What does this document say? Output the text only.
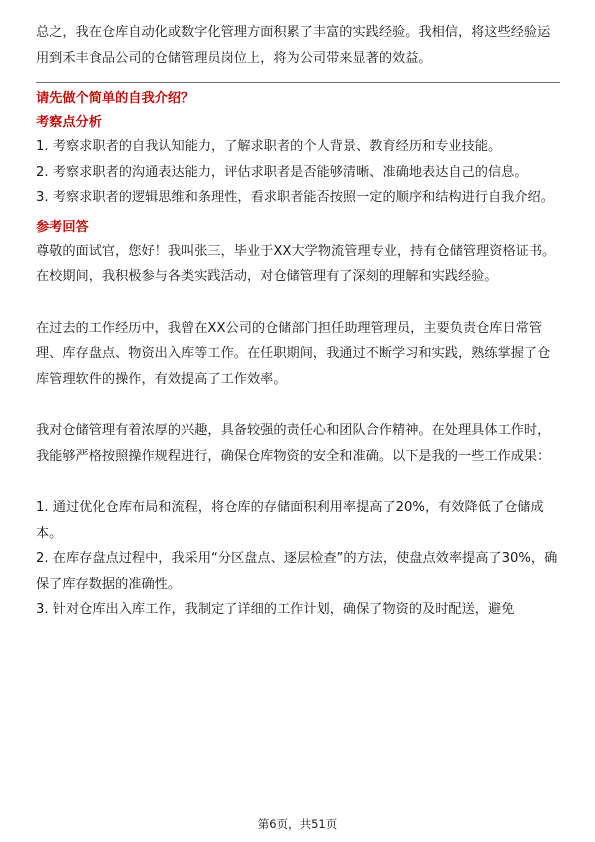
总之，我在仓库自动化或数字化管理方面积累了丰富的实践经验。我相信，将这些经验运用到禾丰食品公司的仓储管理员岗位上，将为公司带来显著的效益。

请先做个简单的自我介绍？
考察点分析

1. 考察求职者的自我认知能力，了解求职者的个人背景、教育经历和专业技能。

2. 考察求职者的沟通表达能力，评估求职者是否能够清晰、准确地表达自己的信息。

3. 考察求职者的逻辑思维和条理性，看求职者能否按照一定的顺序和结构进行自我介绍。

参考回答

尊敬的面试官，您好！我叫张三，毕业于XX大学物流管理专业，持有仓储管理资格证书。在校期间，我积极参与各类实践活动，对仓储管理有了深刻的理解和实践经验。

在过去的工作经历中，我曾在XX公司的仓储部门担任助理管理员，主要负责仓库日常管理、库存盘点、物资出入库等工作。在任职期间，我通过不断学习和实践，熟练掌握了仓库管理软件的操作，有效提高了工作效率。

我对仓储管理有着浓厚的兴趣，具备较强的责任心和团队合作精神。在处理具体工作时，我能够严格按照操作规程进行，确保仓库物资的安全和准确。以下是我的一些工作成果：

1. 通过优化仓库布局和流程，将仓库的存储面积利用率提高了20%，有效降低了仓储成本。

2. 在库存盘点过程中，我采用“分区盘点、逐层检查”的方法，使盘点效率提高了30%，确保了库存数据的准确性。

3. 针对仓库出入库工作，我制定了详细的工作计划，确保了物资的及时配送，避免

第6页，共51页
